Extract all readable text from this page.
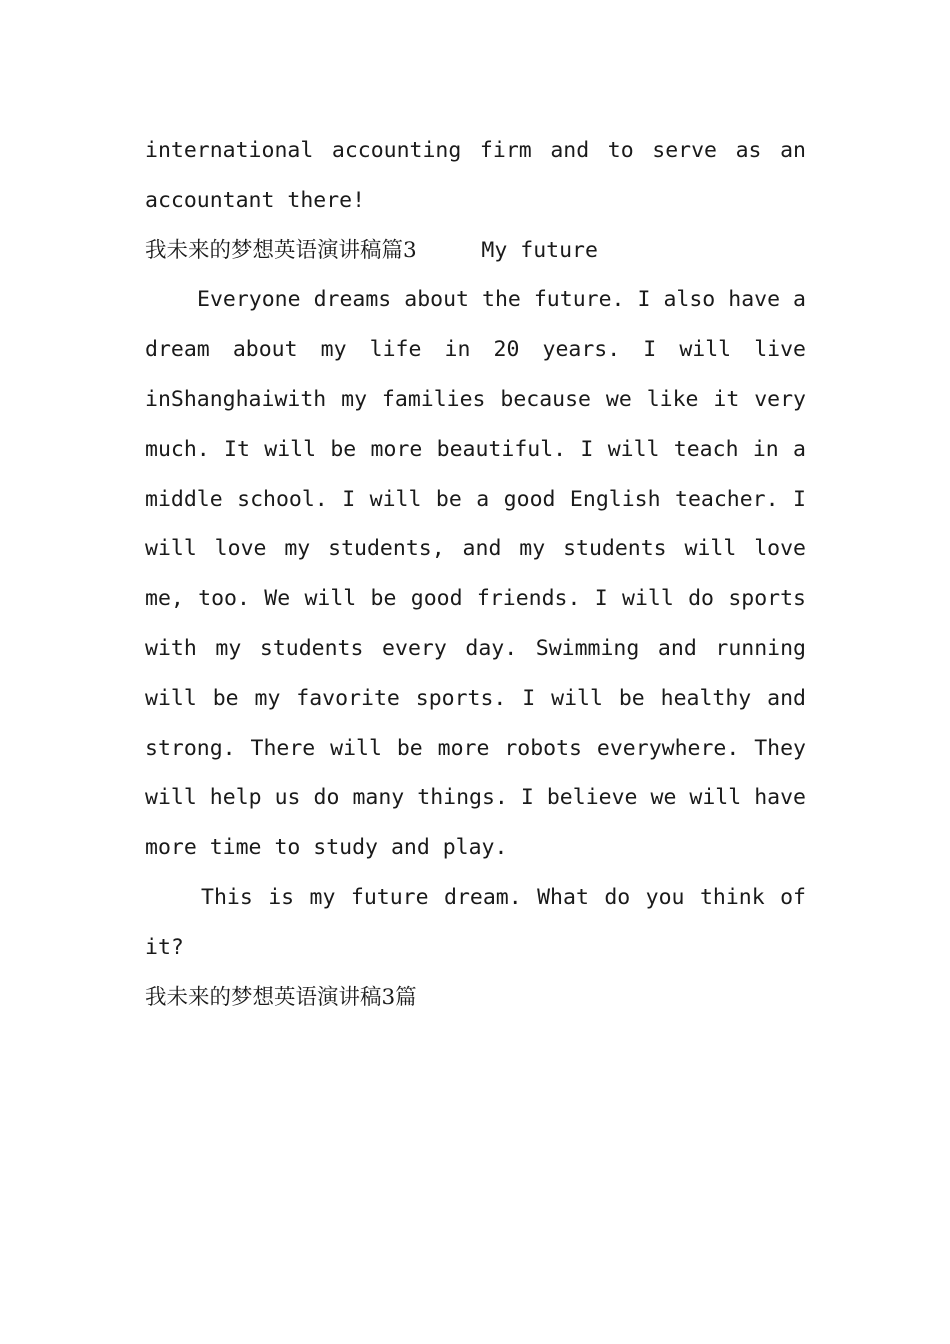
international accounting firm and to serve as an
accountant there!
我未来的梦想英语演讲稿篇3	My future
Everyone dreams about the future. I also have a
dream about my life in 20 years. I will live
inShanghaiwith my families because we like it very
much. It will be more beautiful. I will teach in a
middle school. I will be a good English teacher. I
will love my students, and my students will love
me, too. We will be good friends. I will do sports
with my students every day. Swimming and running
will be my favorite sports. I will be healthy and
strong. There will be more robots everywhere. They
will help us do many things. I believe we will have
more time to study and play.
This is my future dream. What do you think of
it?
我未来的梦想英语演讲稿3篇
